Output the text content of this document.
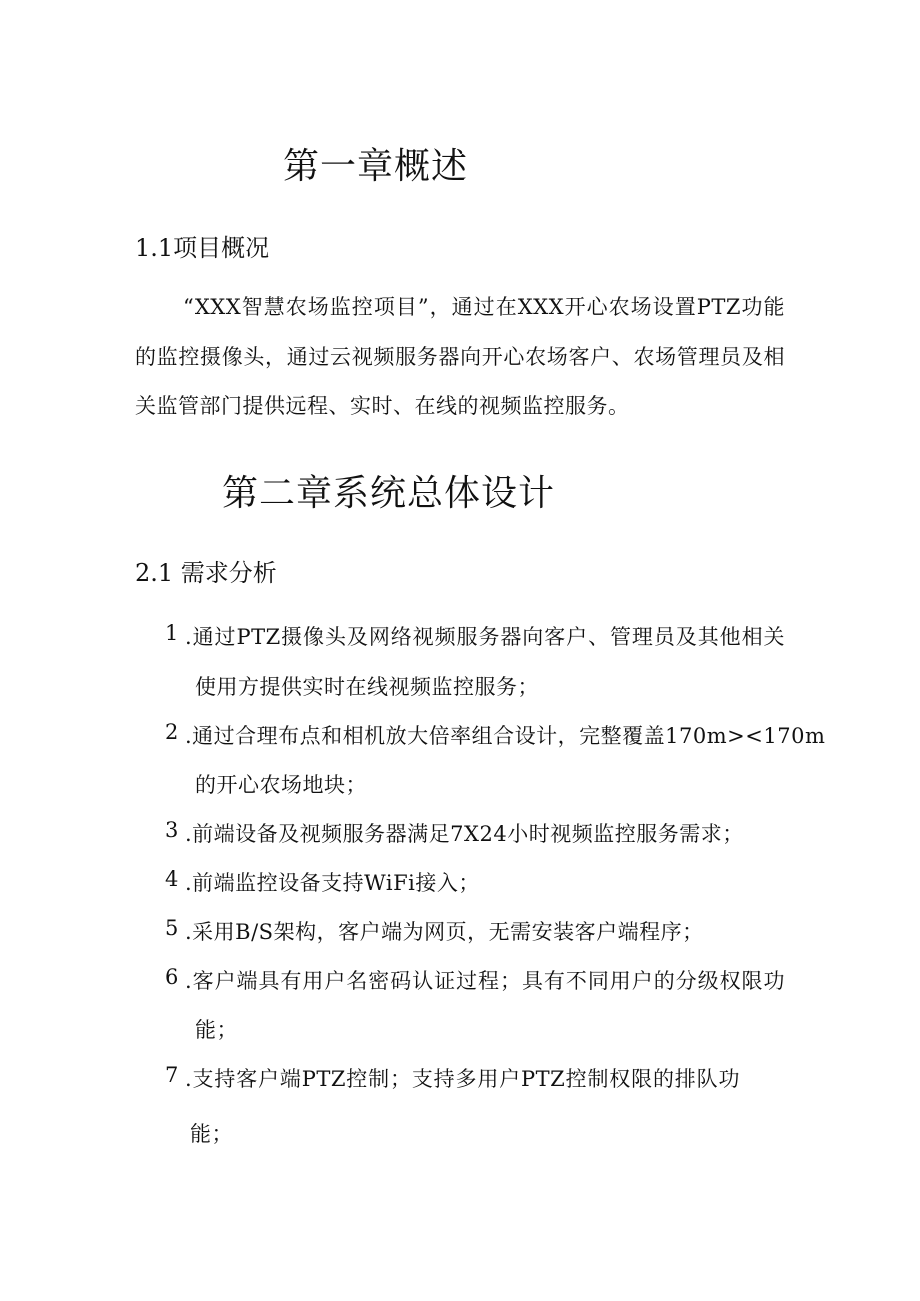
第一章概述
1.1项目概况
“XXX智慧农场监控项目”，通过在XXX开心农场设置PTZ功能
的监控摄像头，通过云视频服务器向开心农场客户、农场管理员及相
关监管部门提供远程、实时、在线的视频监控服务。
第二章系统总体设计
2.1 需求分析
1 .通过PTZ摄像头及网络视频服务器向客户、管理员及其他相关
使用方提供实时在线视频监控服务；
2 .通过合理布点和相机放大倍率组合设计，完整覆盖170m><170m
的开心农场地块；
3 .前端设备及视频服务器满足7X24小时视频监控服务需求；
4 .前端监控设备支持WiFi接入；
5 .采用B/S架构，客户端为网页，无需安装客户端程序；
6 .客户端具有用户名密码认证过程；具有不同用户的分级权限功
能；
7 .支持客户端PTZ控制；支持多用户PTZ控制权限的排队功
能；
